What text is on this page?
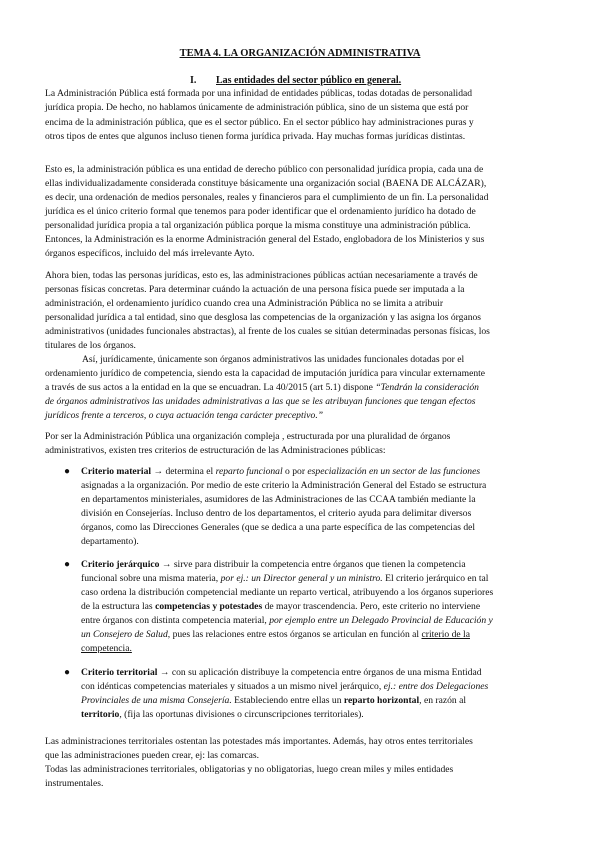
TEMA 4. LA ORGANIZACIÓN ADMINISTRATIVA
I. Las entidades del sector público en general.
La Administración Pública está formada por una infinidad de entidades públicas, todas dotadas de personalidad
jurídica propia. De hecho, no hablamos únicamente de administración pública, sino de un sistema que está por
encima de la administración pública, que es el sector público. En el sector público hay administraciones puras y
otros tipos de entes que algunos incluso tienen forma jurídica privada. Hay muchas formas jurídicas distintas.
Esto es, la administración pública es una entidad de derecho público con personalidad jurídica propia, cada una de
ellas individualizadamente considerada constituye básicamente una organización social (BAENA DE ALCÁZAR),
es decir, una ordenación de medios personales, reales y financieros para el cumplimiento de un fin. La personalidad
jurídica es el único criterio formal que tenemos para poder identificar que el ordenamiento jurídico ha dotado de
personalidad jurídica propia a tal organización pública porque la misma constituye una administración pública.
Entonces, la Administración es la enorme Administración general del Estado, englobadora de los Ministerios y sus
órganos específicos, incluido del más irrelevante Ayto.
Ahora bien, todas las personas jurídicas, esto es, las administraciones públicas actúan necesariamente a través de
personas físicas concretas. Para determinar cuándo la actuación de una persona física puede ser imputada a la
administración, el ordenamiento jurídico cuando crea una Administración Pública no se limita a atribuir
personalidad jurídica a tal entidad, sino que desglosa las competencias de la organización y las asigna los órganos
administrativos (unidades funcionales abstractas), al frente de los cuales se sitúan determinadas personas físicas, los
titulares de los órganos.
Así, jurídicamente, únicamente son órganos administrativos las unidades funcionales dotadas por el
ordenamiento jurídico de competencia, siendo esta la capacidad de imputación jurídica para vincular externamente
a través de sus actos a la entidad en la que se encuadran. La 40/2015 (art 5.1) dispone “Tendrán la consideración
de órganos administrativos las unidades administrativas a las que se les atribuyan funciones que tengan efectos
jurídicos frente a terceros, o cuya actuación tenga carácter preceptivo.”
Por ser la Administración Pública una organización compleja , estructurada por una pluralidad de órganos
administrativos, existen tres criterios de estructuración de las Administraciones públicas:
● Criterio material → determina el reparto funcional o por especialización en un sector de las funciones
asignadas a la organización. Por medio de este criterio la Administración General del Estado se estructura
en departamentos ministeriales, asumidores de las Administraciones de las CCAA también mediante la
división en Consejerías. Incluso dentro de los departamentos, el criterio ayuda para delimitar diversos
órganos, como las Direcciones Generales (que se dedica a una parte específica de las competencias del
departamento).
● Criterio jerárquico → sirve para distribuir la competencia entre órganos que tienen la competencia
funcional sobre una misma materia, por ej.: un Director general y un ministro. El criterio jerárquico en tal
caso ordena la distribución competencial mediante un reparto vertical, atribuyendo a los órganos superiores
de la estructura las competencias y potestades de mayor trascendencia. Pero, este criterio no interviene
entre órganos con distinta competencia material, por ejemplo entre un Delegado Provincial de Educación y
un Consejero de Salud, pues las relaciones entre estos órganos se articulan en función al criterio de la
competencia.
● Criterio territorial → con su aplicación distribuye la competencia entre órganos de una misma Entidad
con idénticas competencias materiales y situados a un mismo nivel jerárquico, ej.: entre dos Delegaciones
Provinciales de una misma Consejería. Estableciendo entre ellas un reparto horizontal, en razón al
territorio, (fija las oportunas divisiones o circunscripciones territoriales).
Las administraciones territoriales ostentan las potestades más importantes. Además, hay otros entes territoriales
que las administraciones pueden crear, ej: las comarcas.
Todas las administraciones territoriales, obligatorias y no obligatorias, luego crean miles y miles entidades
instrumentales.
